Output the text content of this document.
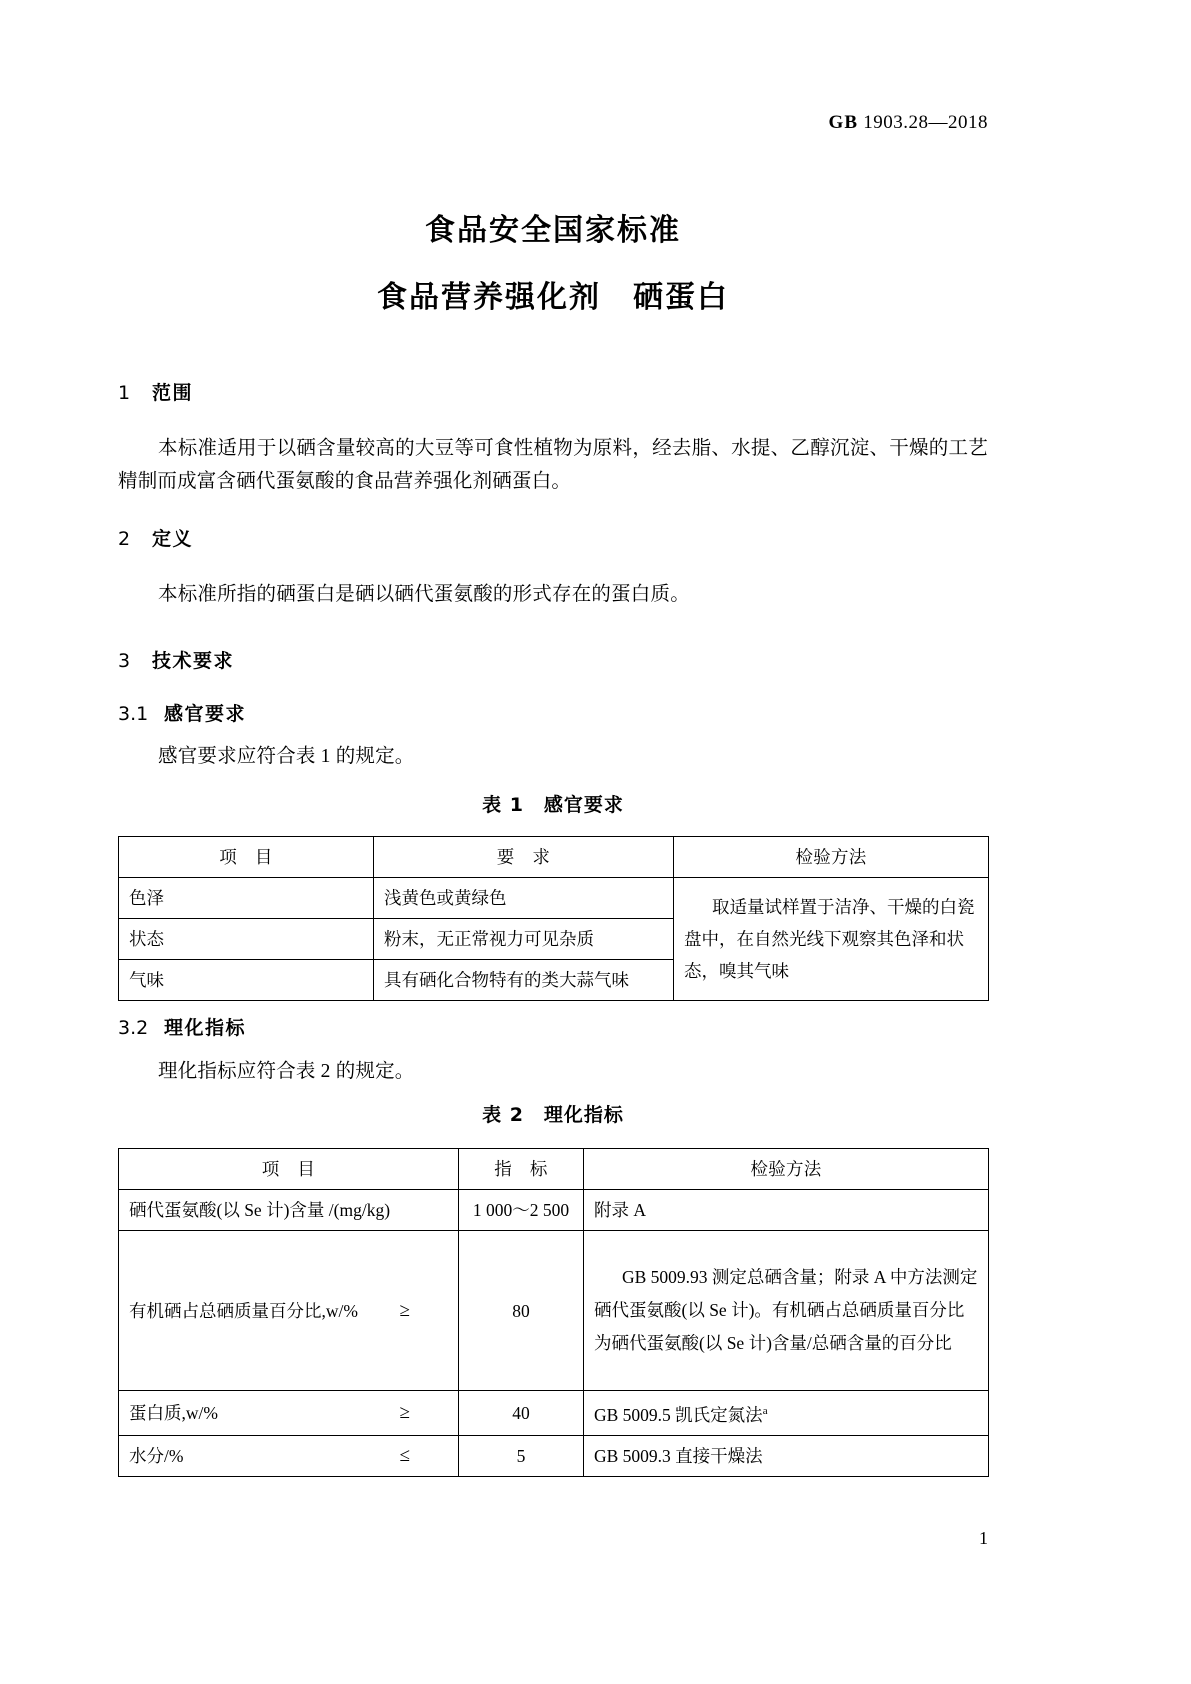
GB 1903.28—2018
食品安全国家标准
食品营养强化剂　硒蛋白
1 范围
本标准适用于以硒含量较高的大豆等可食性植物为原料，经去脂、水提、乙醇沉淀、干燥的工艺精制而成富含硒代蛋氨酸的食品营养强化剂硒蛋白。
2 定义
本标准所指的硒蛋白是硒以硒代蛋氨酸的形式存在的蛋白质。
3 技术要求
3.1 感官要求
感官要求应符合表 1 的规定。
表 1　感官要求
项　目	要　求	检验方法
色泽	浅黄色或黄绿色	取适量试样置于洁净、干燥的白瓷盘中，在自然光线下观察其色泽和状态，嗅其气味

状态	粉末，无正常视力可见杂质	
气味	具有硒化合物特有的类大蒜气味	
3.2 理化指标
理化指标应符合表 2 的规定。
表 2　理化指标
项　目	指　标	检验方法
硒代蛋氨酸(以 Se 计)含量 /(mg/kg)	1 000～2 500	附录 A
有机硒占总硒质量百分比,w/% ≥	80	GB 5009.93 测定总硒含量；附录 A 中方法测定硒代蛋氨酸(以 Se 计)。有机硒占总硒质量百分比为硒代蛋氨酸(以 Se 计)含量/总硒含量的百分比

蛋白质,w/% ≥	40	GB 5009.5 凯氏定氮法$^a$
水分/% ≤	5	GB 5009.3 直接干燥法
1
